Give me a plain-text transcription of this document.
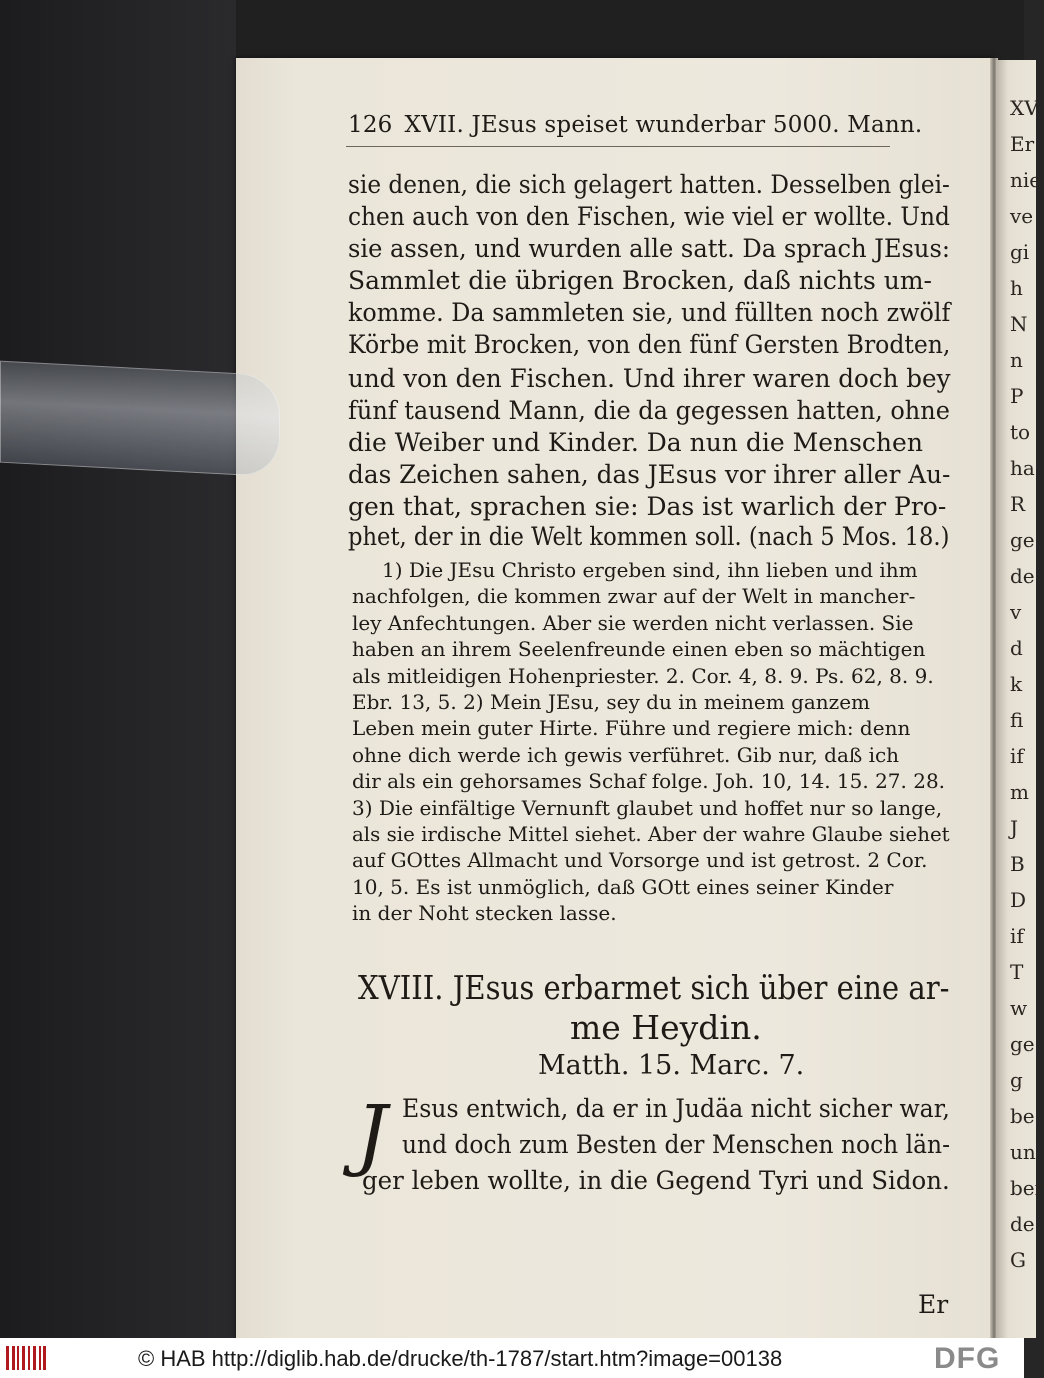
126 XVII. JEsus speiset wunderbar 5000. Mann.
sie denen, die sich gelagert hatten. Desselben glei-
chen auch von den Fischen, wie viel er wollte. Und
sie assen, und wurden alle satt. Da sprach JEsus:
Sammlet die übrigen Brocken, daß nichts um-
komme. Da sammleten sie, und füllten noch zwölf
Körbe mit Brocken, von den fünf Gersten Brodten,
und von den Fischen. Und ihrer waren doch bey
fünf tausend Mann, die da gegessen hatten, ohne
die Weiber und Kinder. Da nun die Menschen
das Zeichen sahen, das JEsus vor ihrer aller Au-
gen that, sprachen sie: Das ist warlich der Pro-
phet, der in die Welt kommen soll. (nach 5 Mos. 18.)
1) Die JEsu Christo ergeben sind, ihn lieben und ihm
nachfolgen, die kommen zwar auf der Welt in mancher-
ley Anfechtungen. Aber sie werden nicht verlassen. Sie
haben an ihrem Seelenfreunde einen eben so mächtigen
als mitleidigen Hohenpriester. 2. Cor. 4, 8. 9. Ps. 62, 8. 9.
Ebr. 13, 5. 2) Mein JEsu, sey du in meinem ganzem
Leben mein guter Hirte. Führe und regiere mich: denn
ohne dich werde ich gewis verführet. Gib nur, daß ich
dir als ein gehorsames Schaf folge. Joh. 10, 14. 15. 27. 28.
3) Die einfältige Vernunft glaubet und hoffet nur so lange,
als sie irdische Mittel siehet. Aber der wahre Glaube siehet
auf GOttes Allmacht und Vorsorge und ist getrost. 2 Cor.
10, 5. Es ist unmöglich, daß GOtt eines seiner Kinder
in der Noht stecken lasse.
XVIII. JEsus erbarmet sich über eine ar-
me Heydin.
Matth. 15. Marc. 7.
J Esus entwich, da er in Judäa nicht sicher war,
und doch zum Besten der Menschen noch län-
ger leben wollte, in die Gegend Tyri und Sidon.
Er
XV
Er
nie
ve
gi
h
N
n
P
to
ha
R
ge
de
v
d
k
fi
if
m
J
B
D
if
T
w
ge
g
be
un
ber
de
G
© HAB http://diglib.hab.de/drucke/th-1787/start.htm?image=00138	DFG
